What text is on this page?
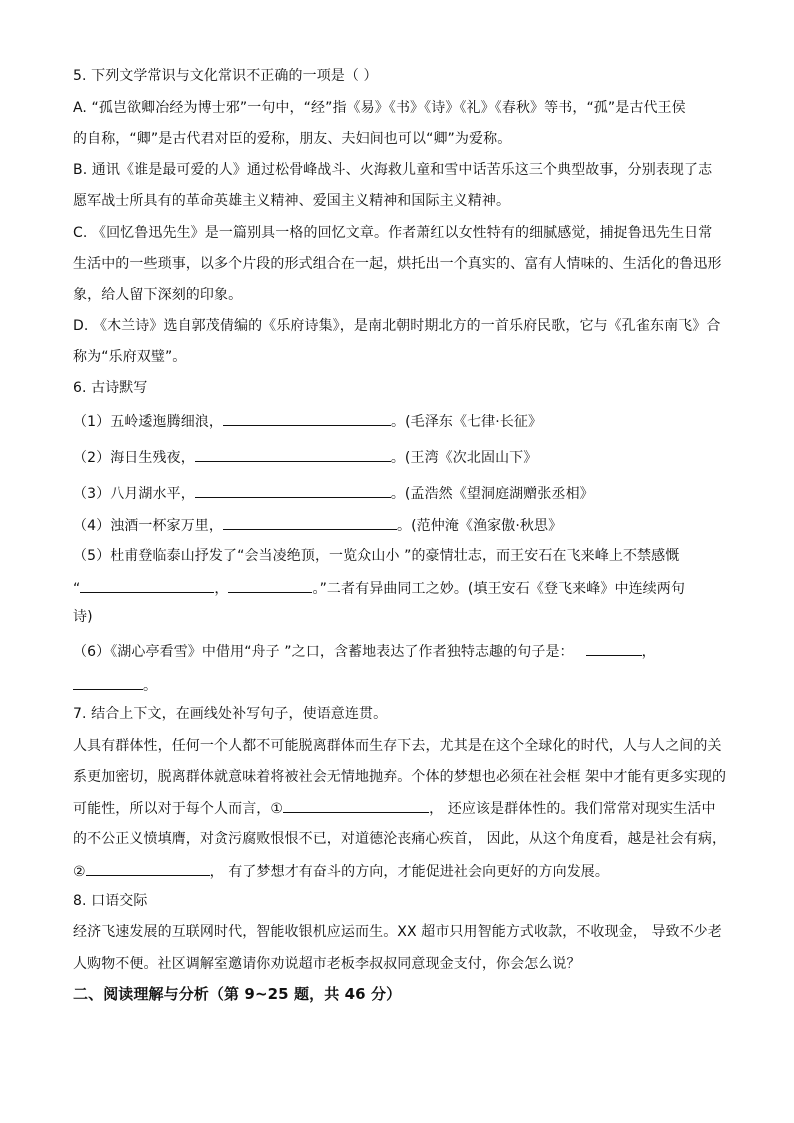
5. 下列文学常识与文化常识不正确的一项是（ ）
A. “孤岂欲卿冶经为博士邪”一句中，“经”指《易》《书》《诗》《礼》《春秋》等书，“孤”是古代王侯
的自称，“卿”是古代君对臣的爱称，朋友、夫妇间也可以“卿”为爱称。
B. 通讯《谁是最可爱的人》通过松骨峰战斗、火海救儿童和雪中话苦乐这三个典型故事，分别表现了志
愿军战士所具有的革命英雄主义精神、爱国主义精神和国际主义精神。
C. 《回忆鲁迅先生》是一篇别具一格的回忆文章。作者萧红以女性特有的细腻感觉，捕捉鲁迅先生日常
生活中的一些琐事，以多个片段的形式组合在一起，烘托出一个真实的、富有人情味的、生活化的鲁迅形
象，给人留下深刻的印象。
D. 《木兰诗》选自郭茂倩编的《乐府诗集》，是南北朝时期北方的一首乐府民歌，它与《孔雀东南飞》合
称为“乐府双璧”。
6. 古诗默写
（1）五岭逶迤腾细浪，	。(毛泽东《七律·长征》
（2）海日生残夜，	。(王湾《次北固山下》
（3）八月湖水平，	。(孟浩然《望洞庭湖赠张丞相》
（4）浊酒一杯家万里，	。(范仲淹《渔家傲·秋思》
（5）杜甫登临泰山抒发了“会当凌绝顶，一览众山小 ”的豪情壮志，而王安石在飞来峰上不禁感慨
“	，	。”二者有异曲同工之妙。(填王安石《登飞来峰》中连续两句
诗)
（6）《湖心亭看雪》中借用“舟子 ”之口，含蓄地表达了作者独特志趣的句子是：	，
。
7. 结合上下文，在画线处补写句子，使语意连贯。
人具有群体性，任何一个人都不可能脱离群体而生存下去，尤其是在这个全球化的时代，人与人之间的关
系更加密切，脱离群体就意味着将被社会无情地抛弃。个体的梦想也必须在社会框 架中才能有更多实现的
可能性，所以对于每个人而言，①	， 还应该是群体性的。我们常常对现实生活中
的不公正义愤填膺，对贪污腐败恨恨不已，对道德沦丧痛心疾首， 因此，从这个角度看，越是社会有病，
②	， 有了梦想才有奋斗的方向，才能促进社会向更好的方向发展。
8. 口语交际
经济飞速发展的互联网时代，智能收银机应运而生。XX 超市只用智能方式收款，不收现金， 导致不少老
人购物不便。社区调解室邀请你劝说超市老板李叔叔同意现金支付，你会怎么说？
二、阅读理解与分析（第 9~25 题，共 46 分）
